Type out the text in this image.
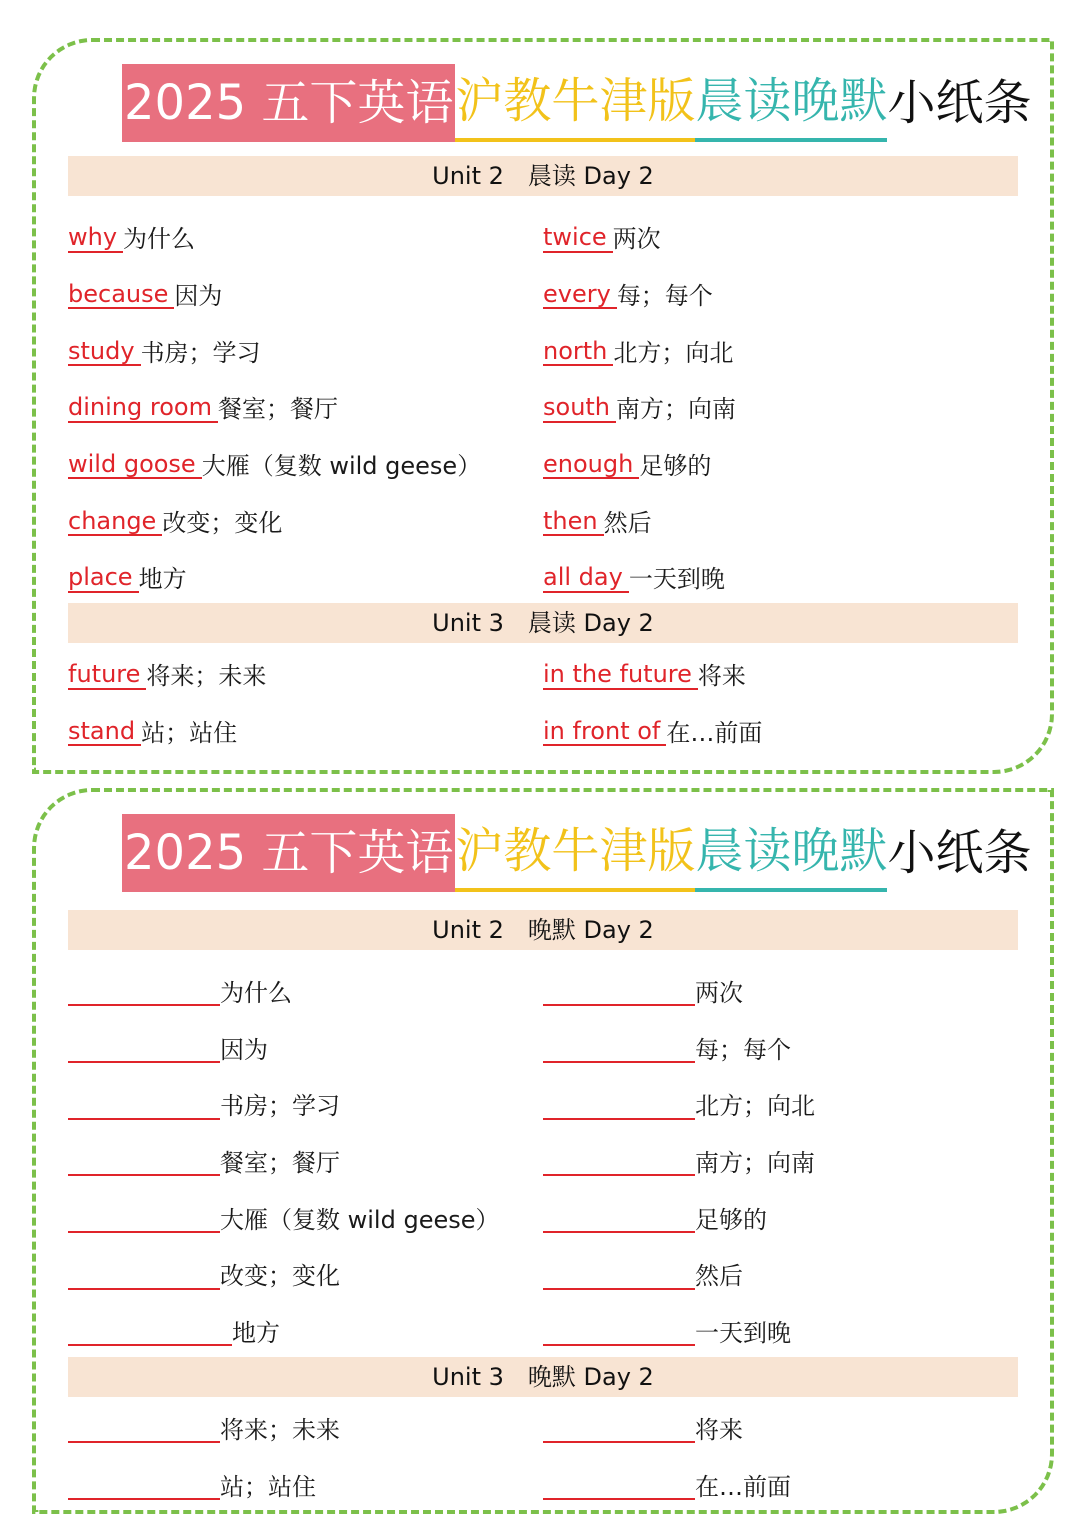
2025 五下英语 沪教牛津版 晨读晚默 小纸条
Unit 2　晨读 Day 2
why 为什么	twice 两次
because 因为	every 每；每个
study 书房；学习	north 北方；向北
dining room 餐室；餐厅	south 南方；向南
wild goose 大雁（复数 wild geese）	enough 足够的
change 改变；变化	then 然后
place 地方	all day 一天到晚
Unit 3　晨读 Day 2
future 将来；未来	in the future 将来
stand 站；站住	in front of 在…前面
2025 五下英语 沪教牛津版 晨读晚默 小纸条
Unit 2　晚默 Day 2
为什么	两次
因为	每；每个
书房；学习	北方；向北
餐室；餐厅	南方；向南
大雁（复数 wild geese）	足够的
改变；变化	然后
地方	一天到晚
Unit 3　晚默 Day 2
将来；未来	将来
站；站住	在…前面
